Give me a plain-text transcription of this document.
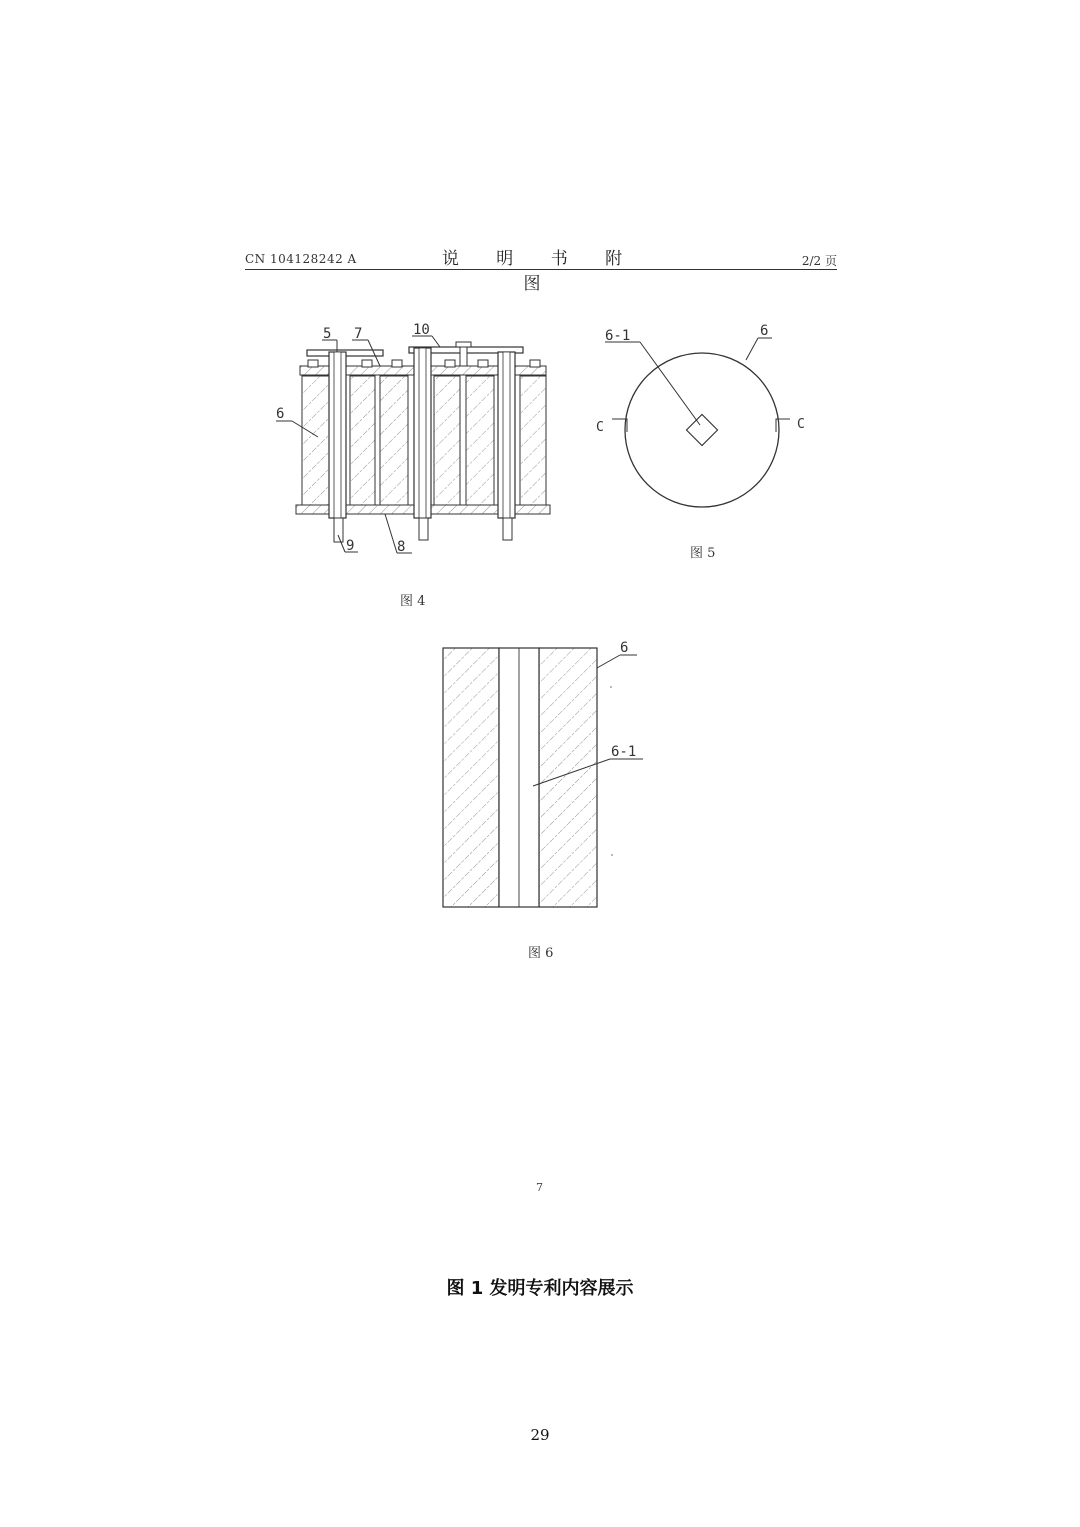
CN 104128242 A	说 明 书 附 图
2/2 页
5 7	10
6
9	8
6-1	6
C	C
6
6-1
图 4
图 5
图 6
7
图 1 发明专利内容展示
29
